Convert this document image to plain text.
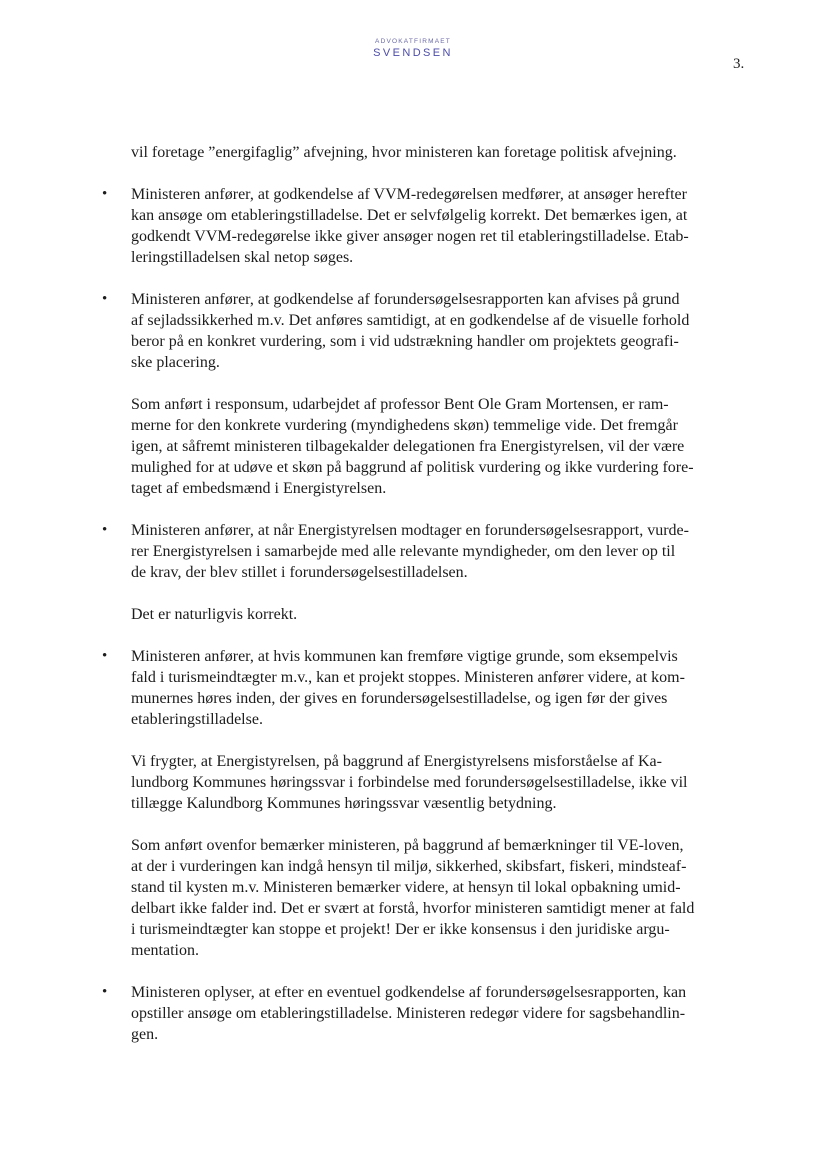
ADVOKATFIRMAET
SVENDSEN
3.

vil foretage ”energifaglig” afvejning, hvor ministeren kan foretage politisk afvejning.

• Ministeren anfører, at godkendelse af VVM-redegørelsen medfører, at ansøger herefter
kan ansøge om etableringstilladelse. Det er selvfølgelig korrekt. Det bemærkes igen, at
godkendt VVM-redegørelse ikke giver ansøger nogen ret til etableringstilladelse. Etab-
leringstilladelsen skal netop søges.

• Ministeren anfører, at godkendelse af forundersøgelsesrapporten kan afvises på grund
af sejladssikkerhed m.v. Det anføres samtidigt, at en godkendelse af de visuelle forhold
beror på en konkret vurdering, som i vid udstrækning handler om projektets geografi-
ske placering.

Som anført i responsum, udarbejdet af professor Bent Ole Gram Mortensen, er ram-
merne for den konkrete vurdering (myndighedens skøn) temmelige vide. Det fremgår
igen, at såfremt ministeren tilbagekalder delegationen fra Energistyrelsen, vil der være
mulighed for at udøve et skøn på baggrund af politisk vurdering og ikke vurdering fore-
taget af embedsmænd i Energistyrelsen.

• Ministeren anfører, at når Energistyrelsen modtager en forundersøgelsesrapport, vurde-
rer Energistyrelsen i samarbejde med alle relevante myndigheder, om den lever op til
de krav, der blev stillet i forundersøgelsestilladelsen.

Det er naturligvis korrekt.

• Ministeren anfører, at hvis kommunen kan fremføre vigtige grunde, som eksempelvis
fald i turismeindtægter m.v., kan et projekt stoppes. Ministeren anfører videre, at kom-
munernes høres inden, der gives en forundersøgelsestilladelse, og igen før der gives
etableringstilladelse.

Vi frygter, at Energistyrelsen, på baggrund af Energistyrelsens misforståelse af Ka-
lundborg Kommunes høringssvar i forbindelse med forundersøgelsestilladelse, ikke vil
tillægge Kalundborg Kommunes høringssvar væsentlig betydning.

Som anført ovenfor bemærker ministeren, på baggrund af bemærkninger til VE-loven,
at der i vurderingen kan indgå hensyn til miljø, sikkerhed, skibsfart, fiskeri, mindsteaf-
stand til kysten m.v. Ministeren bemærker videre, at hensyn til lokal opbakning umid-
delbart ikke falder ind. Det er svært at forstå, hvorfor ministeren samtidigt mener at fald
i turismeindtægter kan stoppe et projekt! Der er ikke konsensus i den juridiske argu-
mentation.

• Ministeren oplyser, at efter en eventuel godkendelse af forundersøgelsesrapporten, kan
opstiller ansøge om etableringstilladelse. Ministeren redegør videre for sagsbehandlin-
gen.
